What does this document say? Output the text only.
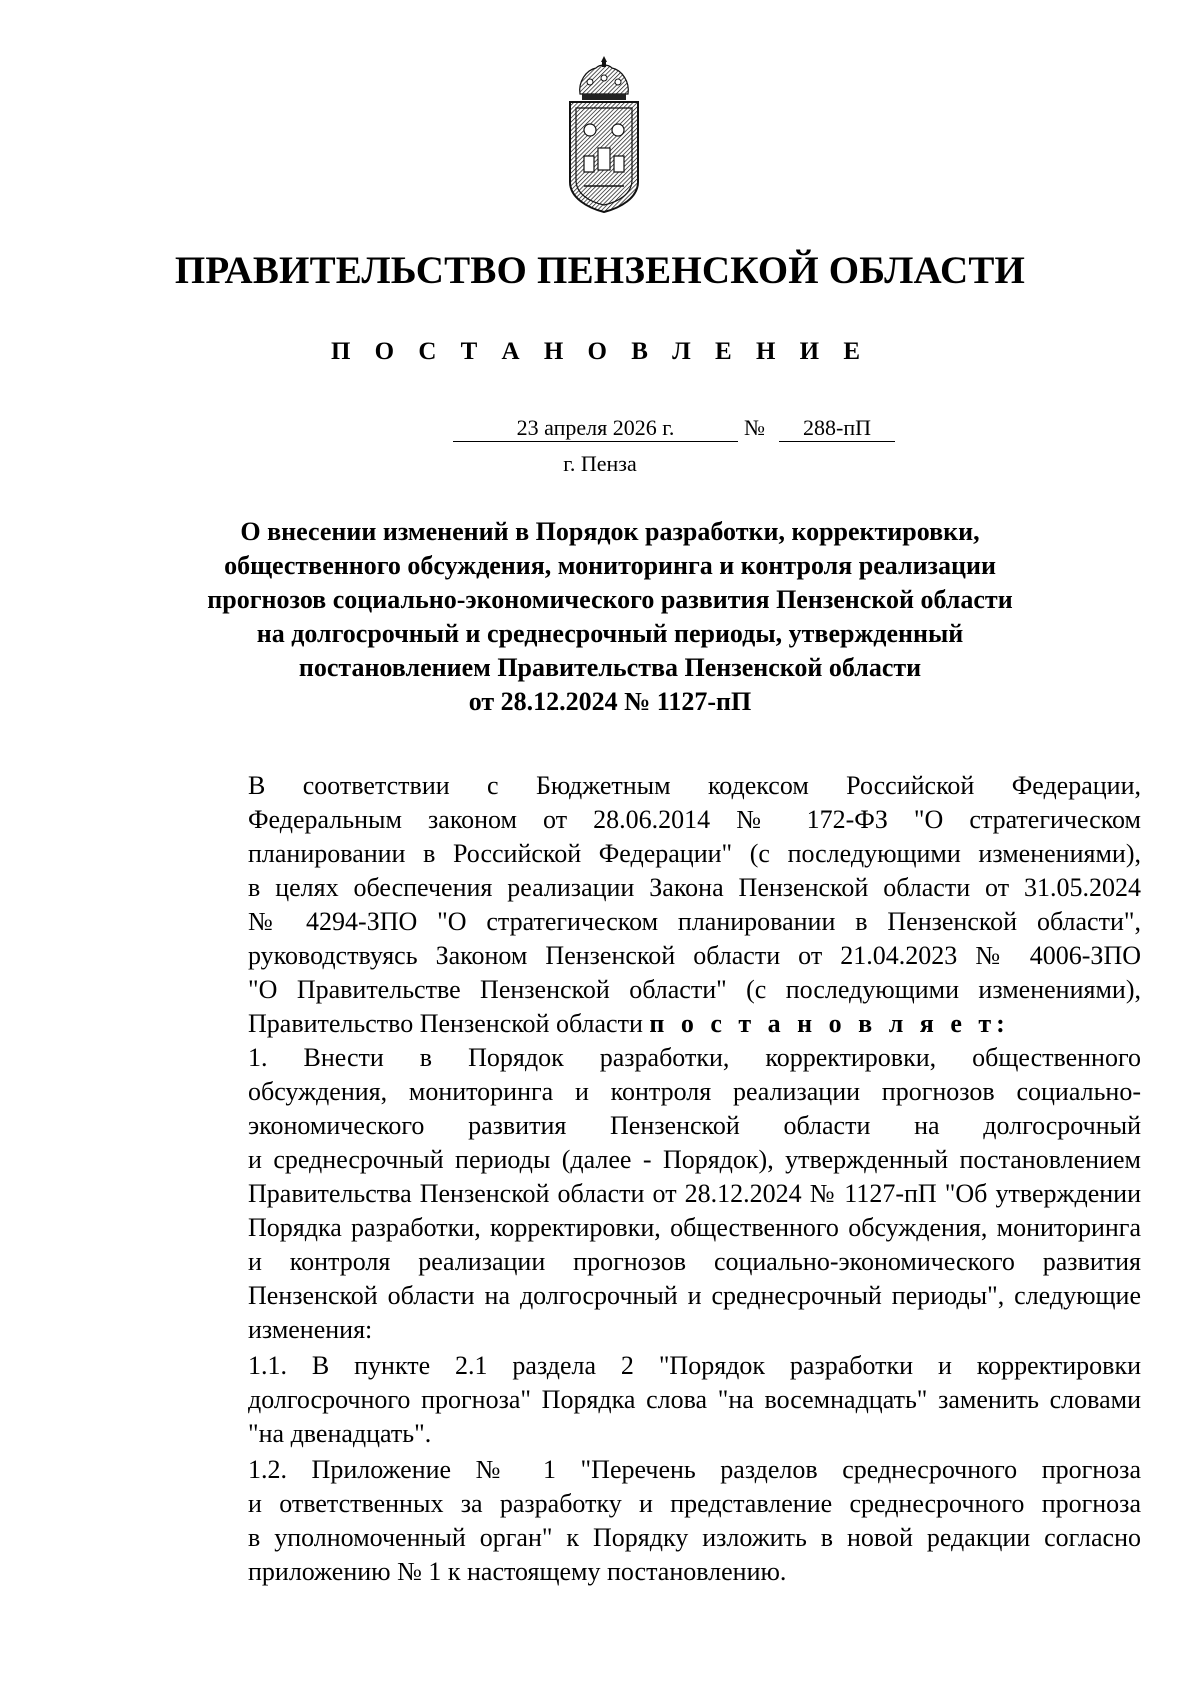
ПРАВИТЕЛЬСТВО ПЕНЗЕНСКОЙ ОБЛАСТИ
П О С Т А Н О В Л Е Н И Е
23 апреля 2026 г.	№	288-пП
г. Пенза
О внесении изменений в Порядок разработки, корректировки,
общественного обсуждения, мониторинга и контроля реализации
прогнозов социально-экономического развития Пензенской области
на долгосрочный и среднесрочный периоды, утвержденный
постановлением Правительства Пензенской области
от 28.12.2024 № 1127-пП

В соответствии с Бюджетным кодексом Российской Федерации,
Федеральным законом от 28.06.2014 № 172-ФЗ "О стратегическом
планировании в Российской Федерации" (с последующими изменениями),
в целях обеспечения реализации Закона Пензенской области от 31.05.2024
№ 4294-ЗПО "О стратегическом планировании в Пензенской области",
руководствуясь Законом Пензенской области от 21.04.2023 № 4006-ЗПО
"О Правительстве Пензенской области" (с последующими изменениями),
Правительство Пензенской области п о с т а н о в л я е т:

1. Внести в Порядок разработки, корректировки, общественного
обсуждения, мониторинга и контроля реализации прогнозов социально-
экономического развития Пензенской области на долгосрочный
и среднесрочный периоды (далее - Порядок), утвержденный постановлением
Правительства Пензенской области от 28.12.2024 № 1127-пП "Об утверждении
Порядка разработки, корректировки, общественного обсуждения, мониторинга
и контроля реализации прогнозов социально-экономического развития
Пензенской области на долгосрочный и среднесрочный периоды", следующие
изменения:

1.1. В пункте 2.1 раздела 2 "Порядок разработки и корректировки
долгосрочного прогноза" Порядка слова "на восемнадцать" заменить словами
"на двенадцать".

1.2. Приложение № 1 "Перечень разделов среднесрочного прогноза
и ответственных за разработку и представление среднесрочного прогноза
в уполномоченный орган" к Порядку изложить в новой редакции согласно
приложению № 1 к настоящему постановлению.
